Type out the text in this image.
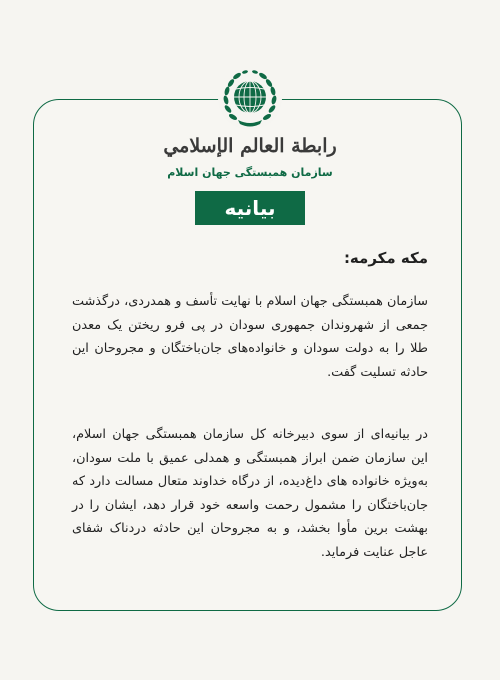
رابطة العالم الإسلامي
سازمان همبستگی جهان اسلام
بیانیه
مکه مکرمه:
سازمان همبستگی جهان اسلام با نهایت تأسف و همدردی، درگذشت جمعی از شهروندان جمهوری سودان در پی فرو ریختن یک معدن طلا را به دولت سودان و خانواده‌های جان‌باختگان و مجروحان این حادثه تسلیت گفت.
در بیانیه‌ای از سوی دبیرخانه کل سازمان همبستگی جهان اسلام، این سازمان ضمن ابراز همبستگی و همدلی عمیق با ملت سودان، به‌ویژه خانواده های داغ‌دیده، از درگاه خداوند متعال مسالت دارد که جان‌باختگان را مشمول رحمت واسعه خود قرار دهد، ایشان را در بهشت برین مأوا بخشد، و به مجروحان این حادثه دردناک شفای عاجل عنایت فرماید.
